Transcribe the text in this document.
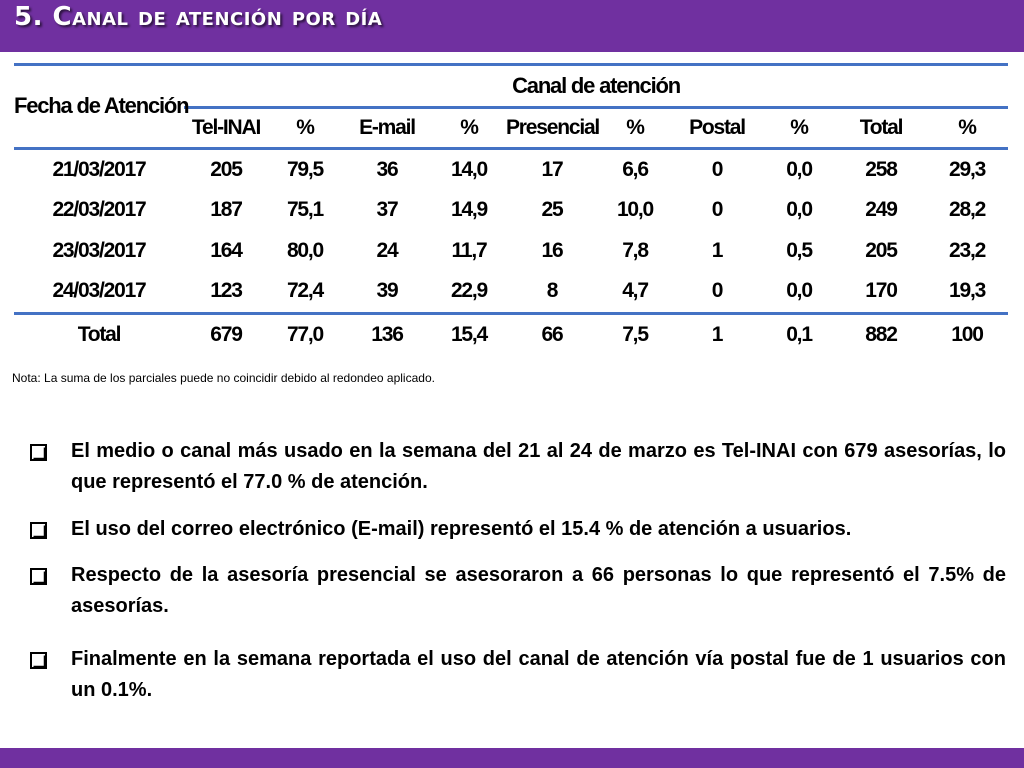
5. Canal de atención por día
Fecha de Atención	Canal de atención									
	Tel-INAI	%	E-mail	%	Presencial	%	Postal	%	Total	%
21/03/2017	205	79,5	36	14,0	17	6,6	0	0,0	258	29,3
22/03/2017	187	75,1	37	14,9	25	10,0	0	0,0	249	28,2
23/03/2017	164	80,0	24	11,7	16	7,8	1	0,5	205	23,2
24/03/2017	123	72,4	39	22,9	8	4,7	0	0,0	170	19,3
Total	679	77,0	136	15,4	66	7,5	1	0,1	882	100
Nota: La suma de los parciales puede no coincidir debido al redondeo aplicado.
El medio o canal más usado en la semana del 21 al 24 de marzo es Tel-INAI con 679 asesorías, lo que representó el 77.0 % de atención.
El uso del correo electrónico (E-mail) representó el 15.4 % de atención a usuarios.
Respecto de la asesoría presencial se asesoraron a 66 personas lo que representó el 7.5% de asesorías.
Finalmente en la semana reportada el uso del canal de atención vía postal fue de 1 usuarios con un 0.1%.
